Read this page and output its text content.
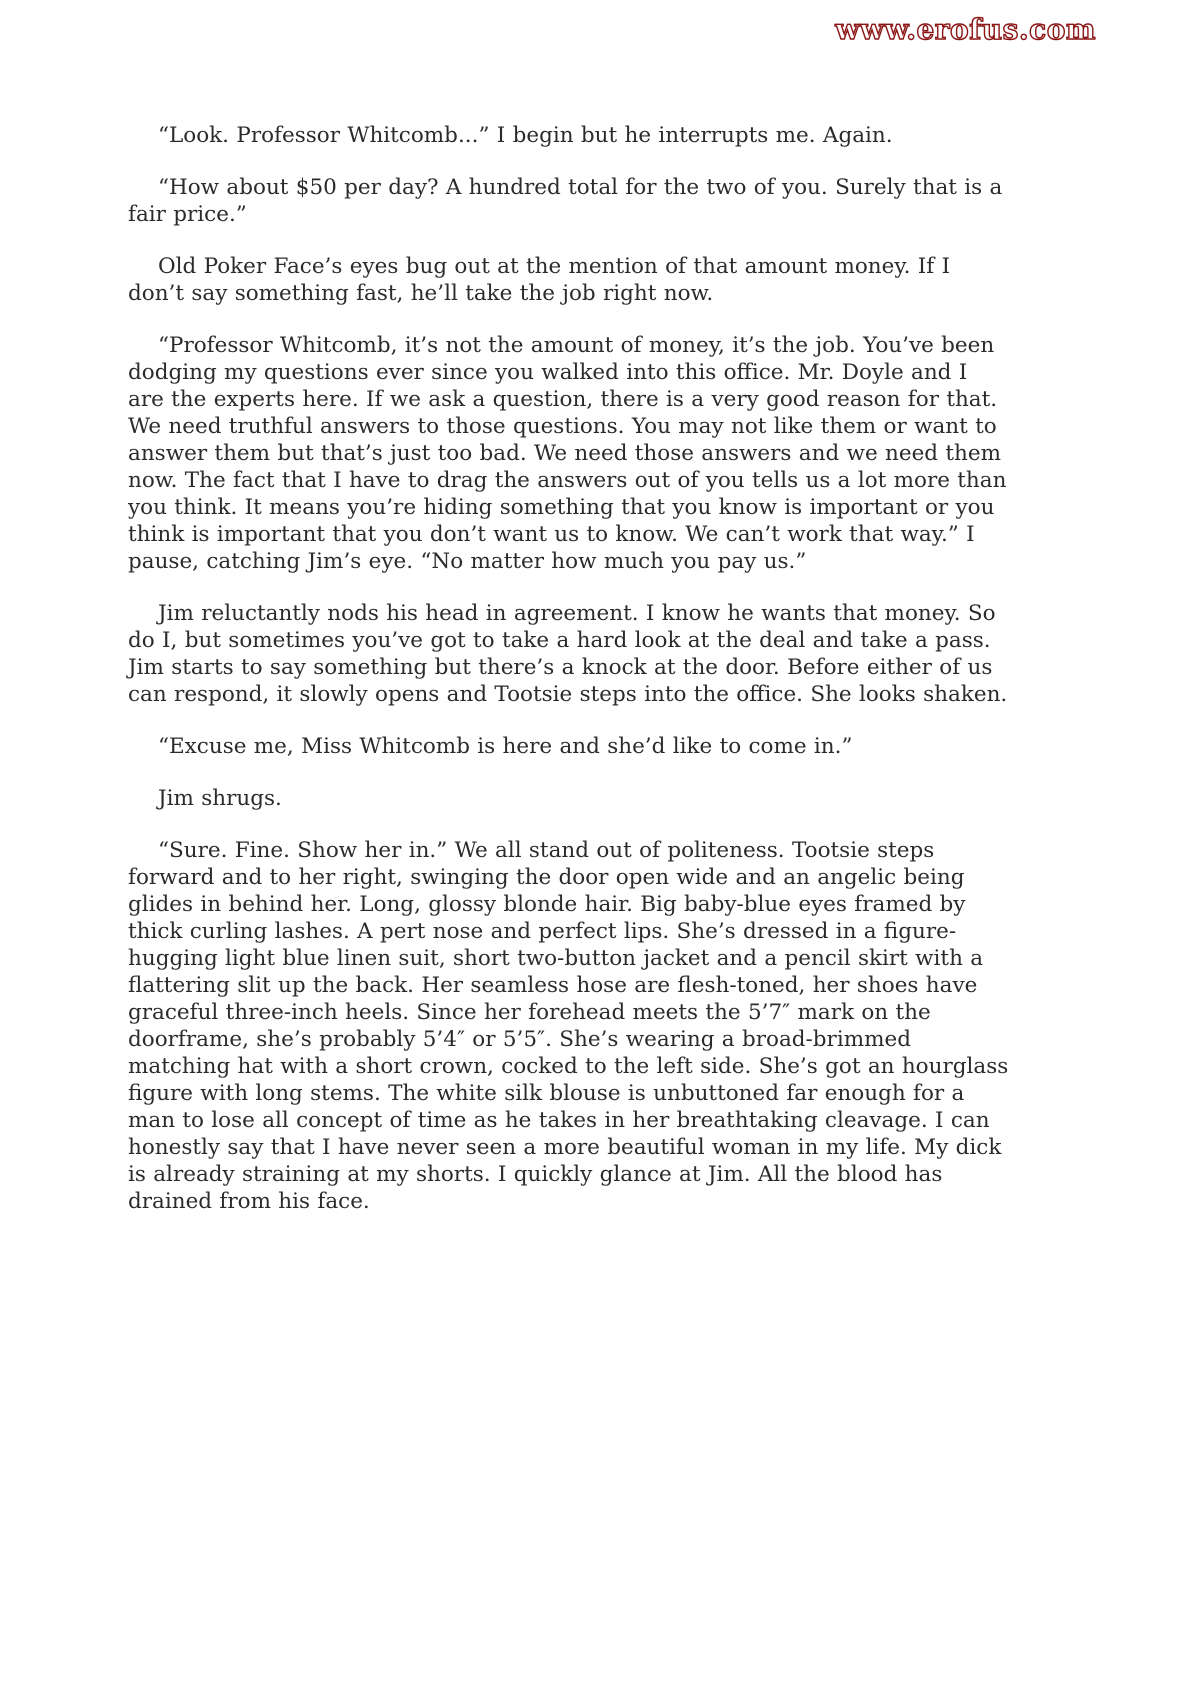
www.erofus.com

“Look. Professor Whitcomb...” I begin but he interrupts me. Again.

“How about $50 per day? A hundred total for the two of you. Surely that is a fair price.”

Old Poker Face’s eyes bug out at the mention of that amount money. If I don’t say something fast, he’ll take the job right now.

“Professor Whitcomb, it’s not the amount of money, it’s the job. You’ve been dodging my questions ever since you walked into this office. Mr. Doyle and I are the experts here. If we ask a question, there is a very good reason for that. We need truthful answers to those questions. You may not like them or want to answer them but that’s just too bad. We need those answers and we need them now. The fact that I have to drag the answers out of you tells us a lot more than you think. It means you’re hiding something that you know is important or you think is important that you don’t want us to know. We can’t work that way.” I pause, catching Jim’s eye. “No matter how much you pay us.”

Jim reluctantly nods his head in agreement. I know he wants that money. So do I, but sometimes you’ve got to take a hard look at the deal and take a pass. Jim starts to say something but there’s a knock at the door. Before either of us can respond, it slowly opens and Tootsie steps into the office. She looks shaken.

“Excuse me, Miss Whitcomb is here and she’d like to come in.”

Jim shrugs.

“Sure. Fine. Show her in.” We all stand out of politeness. Tootsie steps forward and to her right, swinging the door open wide and an angelic being glides in behind her. Long, glossy blonde hair. Big baby-blue eyes framed by thick curling lashes. A pert nose and perfect lips. She’s dressed in a figure-hugging light blue linen suit, short two-button jacket and a pencil skirt with a flattering slit up the back. Her seamless hose are flesh-toned, her shoes have graceful three-inch heels. Since her forehead meets the 5’7″ mark on the doorframe, she’s probably 5’4″ or 5’5″. She’s wearing a broad-brimmed matching hat with a short crown, cocked to the left side. She’s got an hourglass figure with long stems. The white silk blouse is unbuttoned far enough for a man to lose all concept of time as he takes in her breathtaking cleavage. I can honestly say that I have never seen a more beautiful woman in my life. My dick is already straining at my shorts. I quickly glance at Jim. All the blood has drained from his face.
